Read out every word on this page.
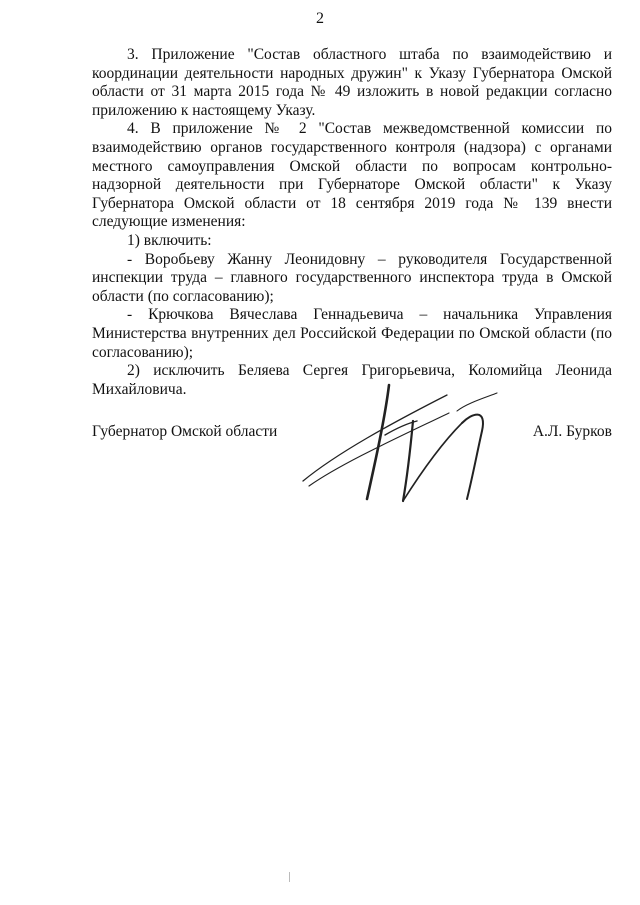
2

3. Приложение "Состав областного штаба по взаимодействию и координации деятельности народных дружин" к Указу Губернатора Омской области от 31 марта 2015 года № 49 изложить в новой редакции согласно приложению к настоящему Указу.

4. В приложение № 2 "Состав межведомственной комиссии по взаимодействию органов государственного контроля (надзора) с органами местного самоуправления Омской области по вопросам контрольно-надзорной деятельности при Губернаторе Омской области" к Указу Губернатора Омской области от 18 сентября 2019 года № 139 внести следующие изменения:

1) включить:

- Воробьеву Жанну Леонидовну – руководителя Государственной инспекции труда – главного государственного инспектора труда в Омской области (по согласованию);

- Крючкова Вячеслава Геннадьевича – начальника Управления Министерства внутренних дел Российской Федерации по Омской области (по согласованию);

2) исключить Беляева Сергея Григорьевича, Коломийца Леонида Михайловича.

Губернатор Омской области	А.Л. Бурков
